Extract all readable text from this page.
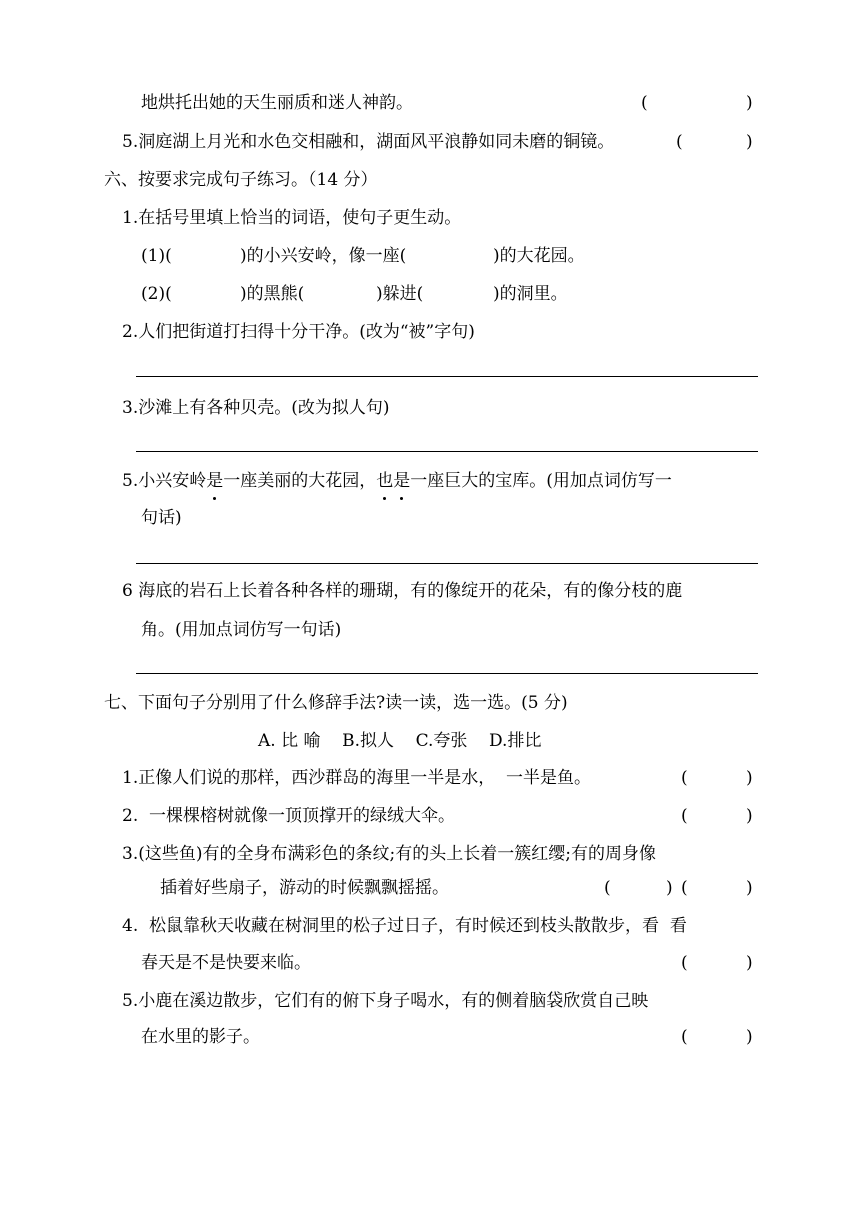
地烘托出她的天生丽质和迷人神韵。	(	)
5.洞庭湖上月光和水色交相融和，湖面风平浪静如同未磨的铜镜。	(	)
六、按要求完成句子练习。（14 分）
1.在括号里填上恰当的词语，使句子更生动。
(1)(	)的小兴安岭，像一座(	)的大花园。
(2)(	)的黑熊(	)躲进(	)的洞里。
2.人们把街道打扫得十分干净。(改为“被”字句)
3.沙滩上有各种贝壳。(改为拟人句)
5.小兴安岭是一座美丽的大花园，也是一座巨大的宝库。(用加点词仿写一
句话)
6 海底的岩石上长着各种各样的珊瑚，有的像绽开的花朵，有的像分枝的鹿
角。(用加点词仿写一句话)
七、下面句子分别用了什么修辞手法?读一读，选一选。(5 分)
A. 比 喻    B.拟人    C.夸张    D.排比
1.正像人们说的那样，西沙群岛的海里一半是水，  一半是鱼。	(	)
2.  一棵棵榕树就像一顶顶撑开的绿绒大伞。	(	)
3.(这些鱼)有的全身布满彩色的条纹;有的头上长着一簇红缨;有的周身像
插着好些扇子，游动的时候飘飘摇摇。	(	) (	)
4.  松鼠靠秋天收藏在树洞里的松子过日子，有时候还到枝头散散步，看  看
春天是不是快要来临。	(	)
5.小鹿在溪边散步，它们有的俯下身子喝水，有的侧着脑袋欣赏自己映
在水里的影子。	(	)
